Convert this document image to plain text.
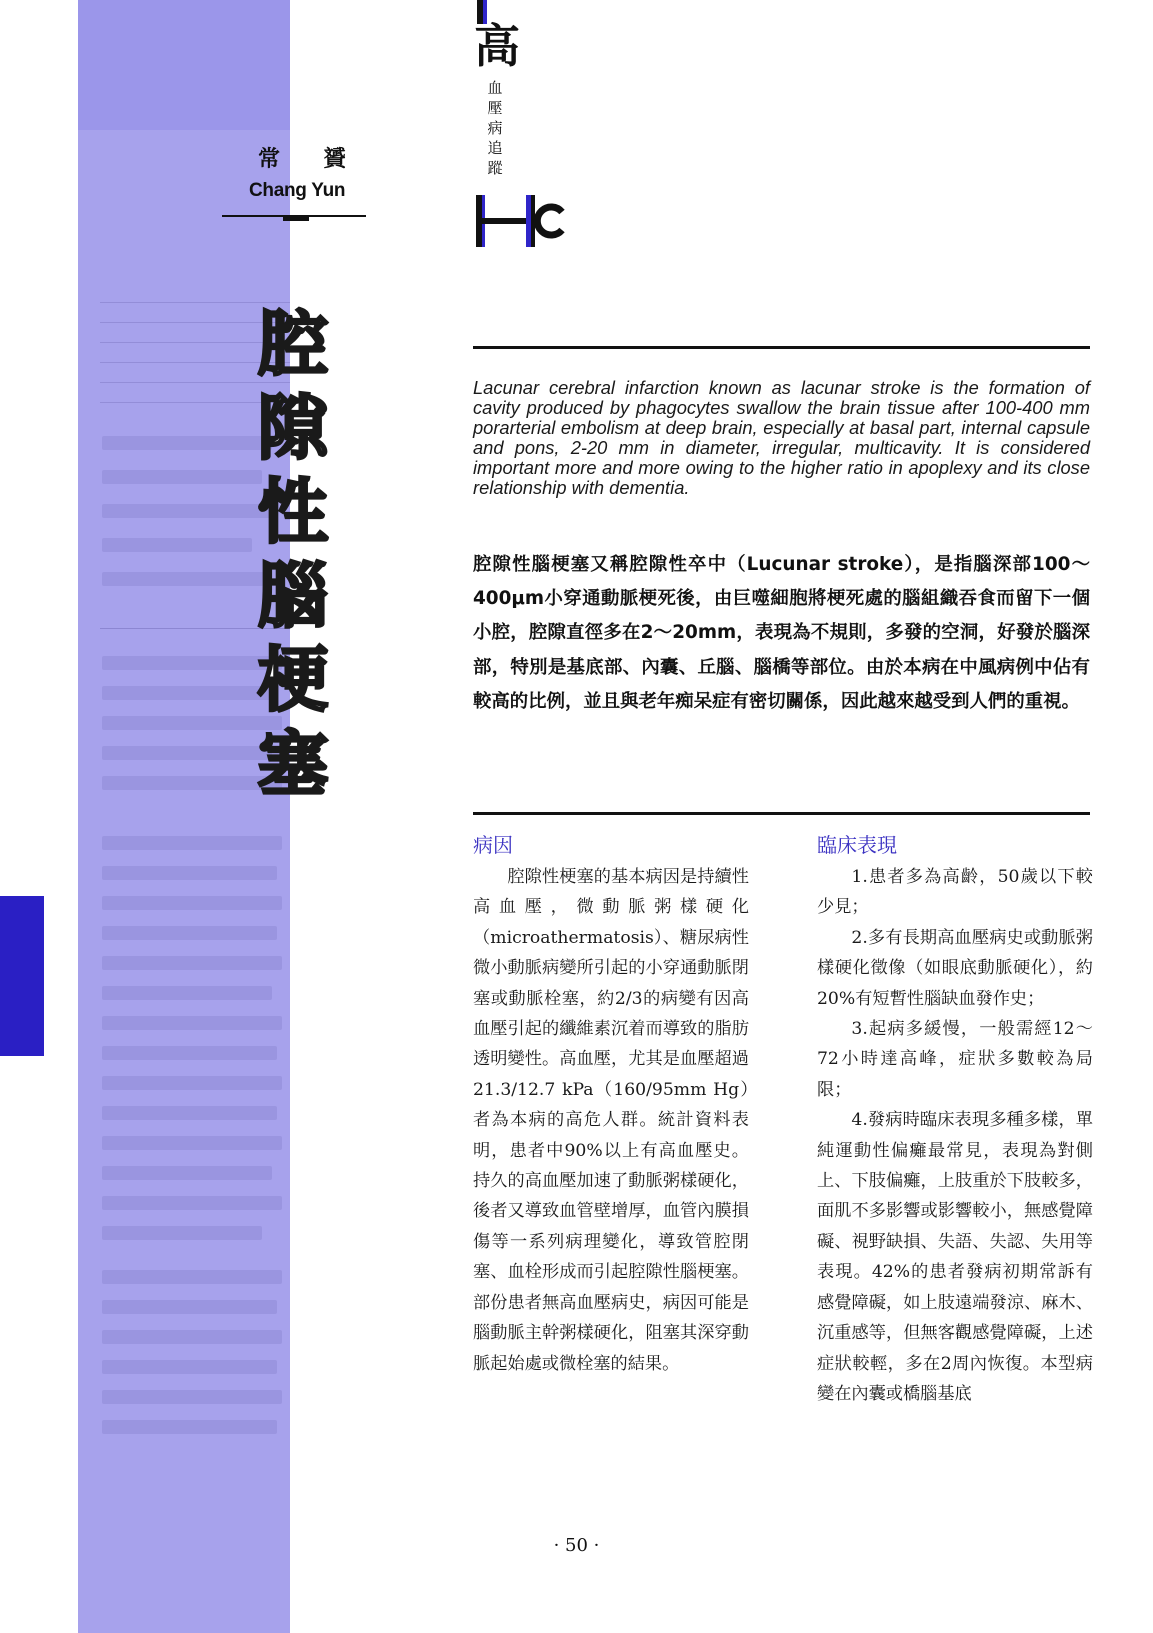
常 贇
Chang Yun
腔
隙
性
腦
梗
塞
高
血
壓
病
追
蹤
Lacunar cerebral infarction known as lacunar stroke is the formation of cavity produced by phagocytes swallow the brain tissue after 100-400 mm porarterial embolism at deep brain, especially at basal part, internal capsule and pons, 2-20 mm in diameter, irregular, multicavity. It is considered important more and more owing to the higher ratio in apoplexy and its close relationship with dementia.
腔隙性腦梗塞又稱腔隙性卒中（Lucunar stroke），是指腦深部100〜400μm小穿通動脈梗死後，由巨噬細胞將梗死處的腦組織吞食而留下一個小腔，腔隙直徑多在2〜20mm，表現為不規則，多發的空洞，好發於腦深部，特別是基底部、內囊、丘腦、腦橋等部位。由於本病在中風病例中佔有較高的比例，並且與老年痴呆症有密切關係，因此越來越受到人們的重視。
病因
腔隙性梗塞的基本病因是持續性高血壓，微動脈粥樣硬化（microathermatosis）、糖尿病性微小動脈病變所引起的小穿通動脈閉塞或動脈栓塞，約2/3的病變有因高血壓引起的纖維素沉着而導致的脂肪透明變性。高血壓，尤其是血壓超過21.3/12.7 kPa（160/95mm Hg）者為本病的高危人群。統計資料表明，患者中90%以上有高血壓史。持久的高血壓加速了動脈粥樣硬化，後者又導致血管壁增厚，血管內膜損傷等一系列病理變化，導致管腔閉塞、血栓形成而引起腔隙性腦梗塞。部份患者無高血壓病史，病因可能是腦動脈主幹粥樣硬化，阻塞其深穿動脈起始處或微栓塞的結果。
臨床表現
1.患者多為高齡，50歲以下較少見；
2.多有長期高血壓病史或動脈粥樣硬化徵像（如眼底動脈硬化），約20%有短暫性腦缺血發作史；
3.起病多緩慢，一般需經12〜72小時達高峰，症狀多數較為局限；
4.發病時臨床表現多種多樣，單純運動性偏癱最常見，表現為對側上、下肢偏癱，上肢重於下肢較多，面肌不多影響或影響較小，無感覺障礙、視野缺損、失語、失認、失用等表現。42%的患者發病初期常訴有感覺障礙，如上肢遠端發涼、麻木、沉重感等，但無客觀感覺障礙，上述症狀較輕，多在2周內恢復。本型病變在內囊或橋腦基底
· 50 ·
